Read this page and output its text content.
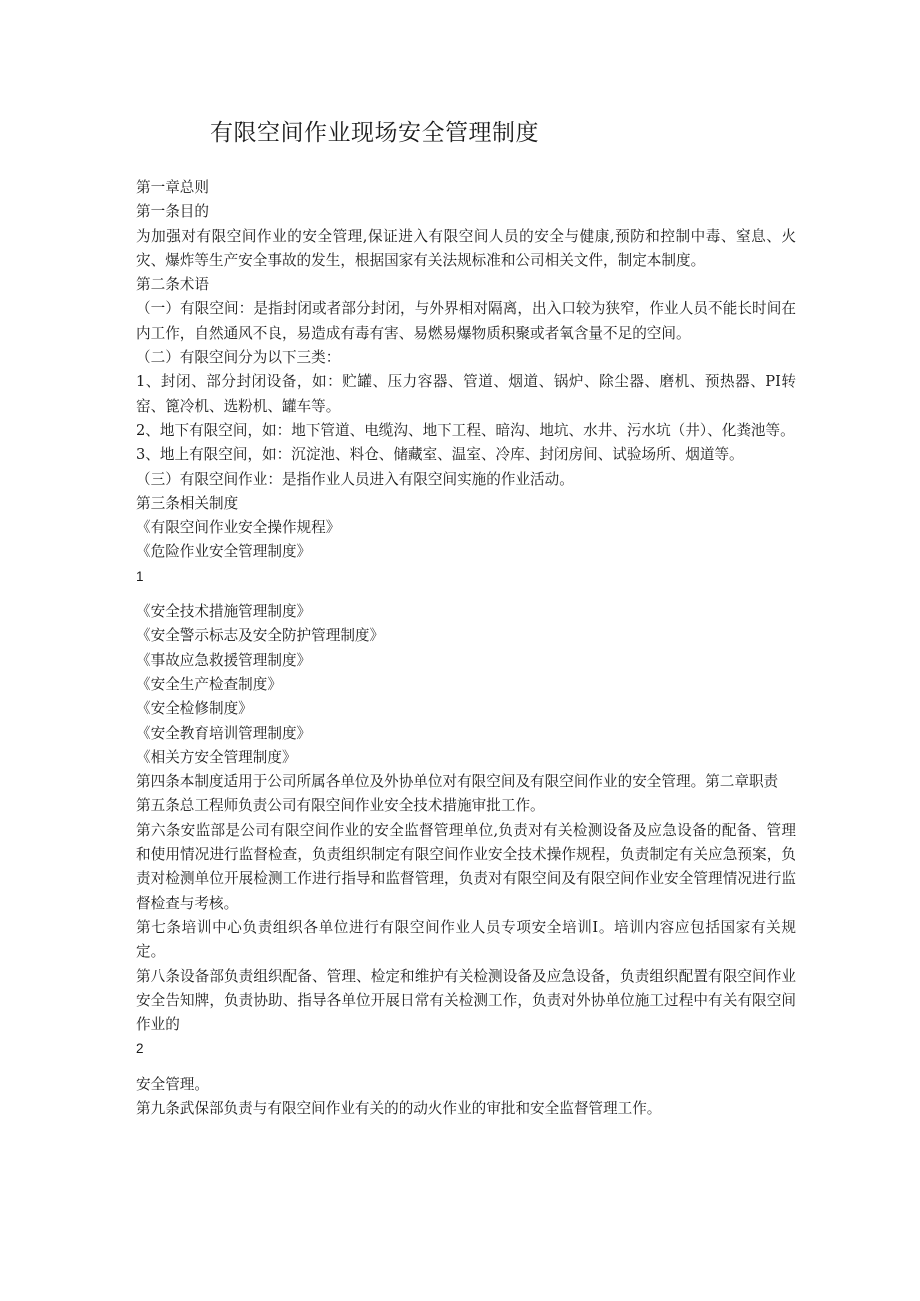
有限空间作业现场安全管理制度

第一章总则

第一条目的

为加强对有限空间作业的安全管理,保证进入有限空间人员的安全与健康,预防和控制中毒、窒息、火灾、爆炸等生产安全事故的发生，根据国家有关法规标准和公司相关文件，制定本制度。

第二条术语

（一）有限空间：是指封闭或者部分封闭，与外界相对隔离，出入口较为狭窄，作业人员不能长时间在内工作，自然通风不良，易造成有毒有害、易燃易爆物质积聚或者氧含量不足的空间。

（二）有限空间分为以下三类：

1、封闭、部分封闭设备，如：贮罐、压力容器、管道、烟道、锅炉、除尘器、磨机、预热器、PI转窑、篦冷机、选粉机、罐车等。

2、地下有限空间，如：地下管道、电缆沟、地下工程、暗沟、地坑、水井、污水坑（井）、化粪池等。

3、地上有限空间，如：沉淀池、料仓、储藏室、温室、冷库、封闭房间、试验场所、烟道等。

（三）有限空间作业：是指作业人员进入有限空间实施的作业活动。

第三条相关制度

《有限空间作业安全操作规程》

《危险作业安全管理制度》

1

《安全技术措施管理制度》

《安全警示标志及安全防护管理制度》

《事故应急救援管理制度》

《安全生产检查制度》

《安全检修制度》

《安全教育培训管理制度》

《相关方安全管理制度》

第四条本制度适用于公司所属各单位及外协单位对有限空间及有限空间作业的安全管理。第二章职责

第五条总工程师负责公司有限空间作业安全技术措施审批工作。

第六条安监部是公司有限空间作业的安全监督管理单位,负责对有关检测设备及应急设备的配备、管理和使用情况进行监督检查，负责组织制定有限空间作业安全技术操作规程，负责制定有关应急预案，负责对检测单位开展检测工作进行指导和监督管理，负责对有限空间及有限空间作业安全管理情况进行监督检查与考核。

第七条培训中心负责组织各单位进行有限空间作业人员专项安全培训I。培训内容应包括国家有关规定。

第八条设备部负责组织配备、管理、检定和维护有关检测设备及应急设备，负责组织配置有限空间作业安全告知牌，负责协助、指导各单位开展日常有关检测工作，负责对外协单位施工过程中有关有限空间作业的

2

安全管理。

第九条武保部负责与有限空间作业有关的的动火作业的审批和安全监督管理工作。
